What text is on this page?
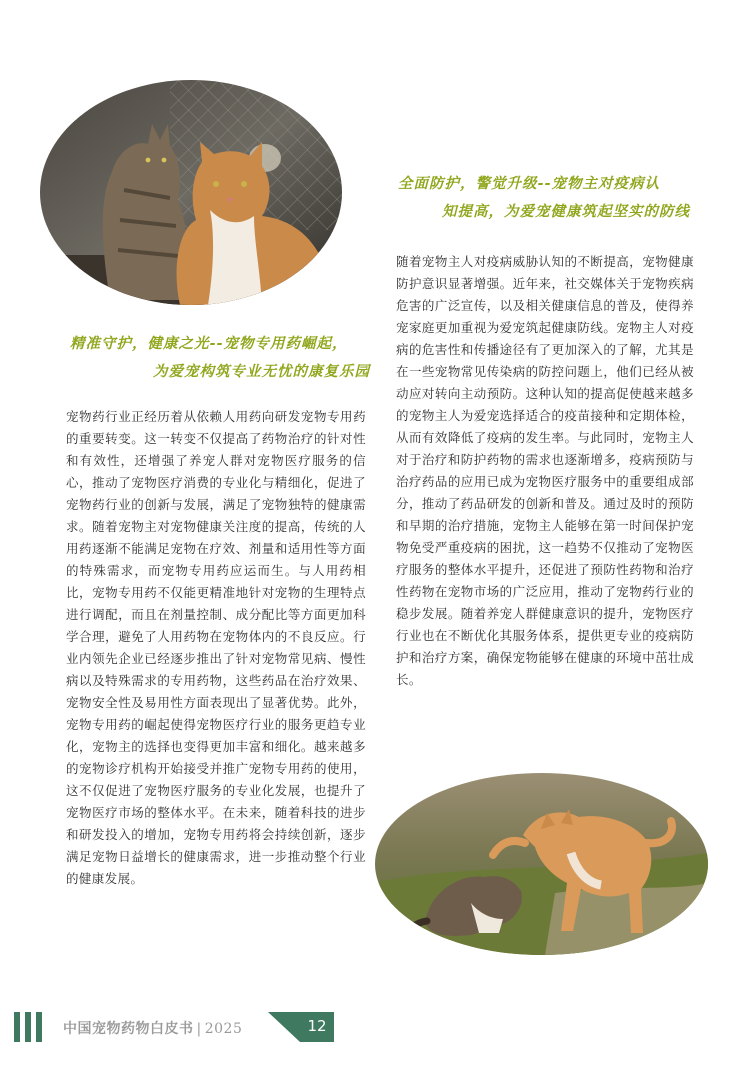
全面防护，警觉升级--宠物主对疫病认
知提高，为爱宠健康筑起坚实的防线

随着宠物主人对疫病威胁认知的不断提高，宠物健康防护意识显著增强。近年来，社交媒体关于宠物疾病危害的广泛宣传，以及相关健康信息的普及，使得养宠家庭更加重视为爱宠筑起健康防线。宠物主人对疫病的危害性和传播途径有了更加深入的了解，尤其是在一些宠物常见传染病的防控问题上，他们已经从被动应对转向主动预防。这种认知的提高促使越来越多的宠物主人为爱宠选择适合的疫苗接种和定期体检，从而有效降低了疫病的发生率。与此同时，宠物主人对于治疗和防护药物的需求也逐渐增多，疫病预防与治疗药品的应用已成为宠物医疗服务中的重要组成部分，推动了药品研发的创新和普及。通过及时的预防和早期的治疗措施，宠物主人能够在第一时间保护宠物免受严重疫病的困扰，这一趋势不仅推动了宠物医疗服务的整体水平提升，还促进了预防性药物和治疗性药物在宠物市场的广泛应用，推动了宠物药行业的稳步发展。随着养宠人群健康意识的提升，宠物医疗行业也在不断优化其服务体系，提供更专业的疫病防护和治疗方案，确保宠物能够在健康的环境中茁壮成长。

精准守护，健康之光--宠物专用药崛起，
为爱宠构筑专业无忧的康复乐园

宠物药行业正经历着从依赖人用药向研发宠物专用药的重要转变。这一转变不仅提高了药物治疗的针对性和有效性，还增强了养宠人群对宠物医疗服务的信心，推动了宠物医疗消费的专业化与精细化，促进了宠物药行业的创新与发展，满足了宠物独特的健康需求。随着宠物主对宠物健康关注度的提高，传统的人用药逐渐不能满足宠物在疗效、剂量和适用性等方面的特殊需求，而宠物专用药应运而生。与人用药相比，宠物专用药不仅能更精准地针对宠物的生理特点进行调配，而且在剂量控制、成分配比等方面更加科学合理，避免了人用药物在宠物体内的不良反应。行业内领先企业已经逐步推出了针对宠物常见病、慢性病以及特殊需求的专用药物，这些药品在治疗效果、宠物安全性及易用性方面表现出了显著优势。此外，宠物专用药的崛起使得宠物医疗行业的服务更趋专业化，宠物主的选择也变得更加丰富和细化。越来越多的宠物诊疗机构开始接受并推广宠物专用药的使用，这不仅促进了宠物医疗服务的专业化发展，也提升了宠物医疗市场的整体水平。在未来，随着科技的进步和研发投入的增加，宠物专用药将会持续创新，逐步满足宠物日益增长的健康需求，进一步推动整个行业的健康发展。

中国宠物药物白皮书 | 2025	12
